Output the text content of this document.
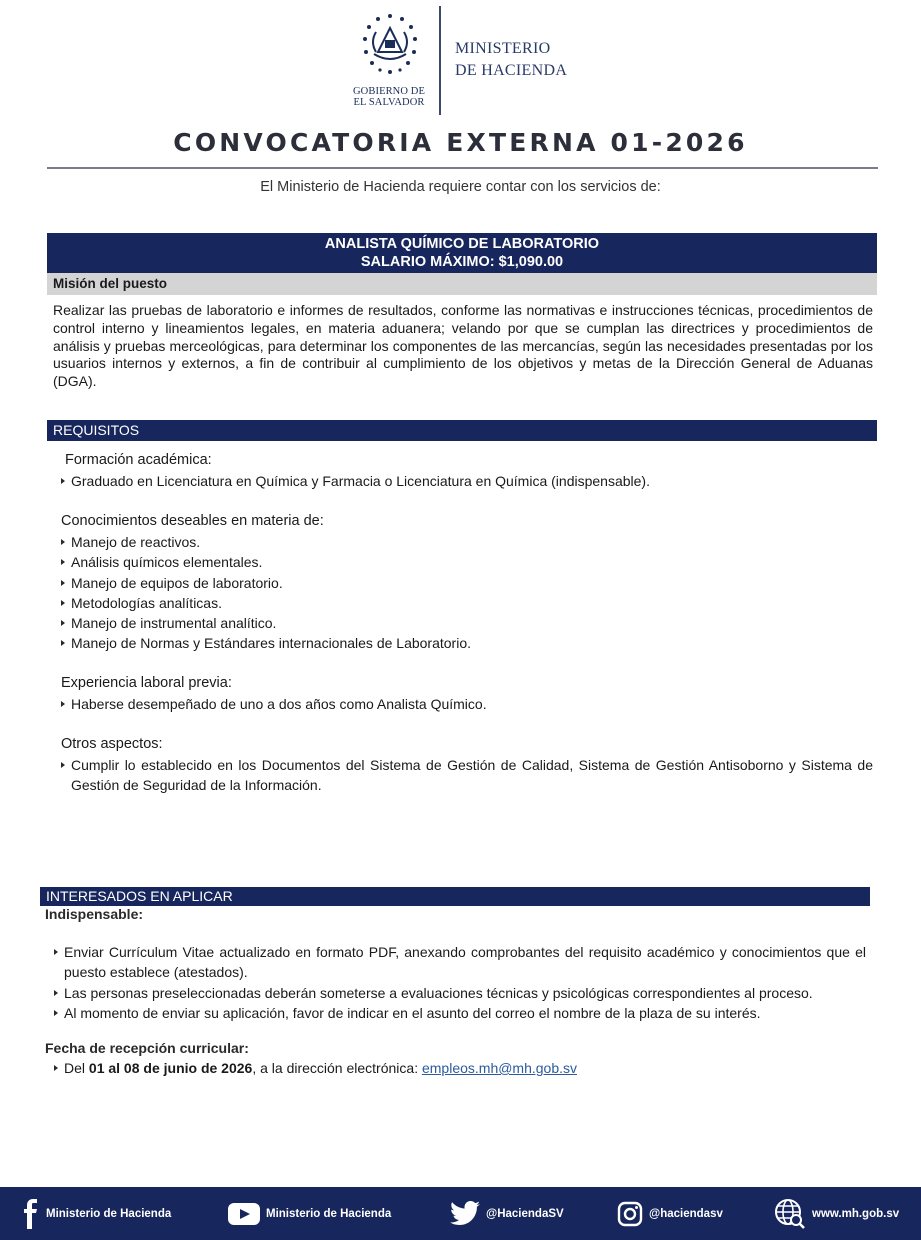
GOBIERNO DE
EL SALVADOR
MINISTERIO
DE HACIENDA
CONVOCATORIA EXTERNA 01-2026
El Ministerio de Hacienda requiere contar con los servicios de:
ANALISTA QUÍMICO DE LABORATORIO
SALARIO MÁXIMO: $1,090.00
Misión del puesto
Realizar las pruebas de laboratorio e informes de resultados, conforme las normativas e instrucciones técnicas, procedimientos de control interno y lineamientos legales, en materia aduanera; velando por que se cumplan las directrices y procedimientos de análisis y pruebas merceológicas, para determinar los componentes de las mercancías, según las necesidades presentadas por los usuarios internos y externos, a fin de contribuir al cumplimiento de los objetivos y metas de la Dirección General de Aduanas (DGA).
REQUISITOS
Formación académica:
Graduado en Licenciatura en Química y Farmacia o Licenciatura en Química (indispensable).
Conocimientos deseables en materia de:
Manejo de reactivos.
Análisis químicos elementales.
Manejo de equipos de laboratorio.
Metodologías analíticas.
Manejo de instrumental analítico.
Manejo de Normas y Estándares internacionales de Laboratorio.
Experiencia laboral previa:
Haberse desempeñado de uno a dos años como Analista Químico.
Otros aspectos:
Cumplir lo establecido en los Documentos del Sistema de Gestión de Calidad, Sistema de Gestión Antisoborno y Sistema de Gestión de Seguridad de la Información.
INTERESADOS EN APLICAR
Indispensable:
Enviar Currículum Vitae actualizado en formato PDF, anexando comprobantes del requisito académico y conocimientos que el puesto establece (atestados).
Las personas preseleccionadas deberán someterse a evaluaciones técnicas y psicológicas correspondientes al proceso.
Al momento de enviar su aplicación, favor de indicar en el asunto del correo el nombre de la plaza de su interés.
Fecha de recepción curricular:
Del 01 al 08 de junio de 2026, a la dirección electrónica: empleos.mh@mh.gob.sv
Ministerio de Hacienda	Ministerio de Hacienda	@HaciendaSV	@haciendasv	www.mh.gob.sv
